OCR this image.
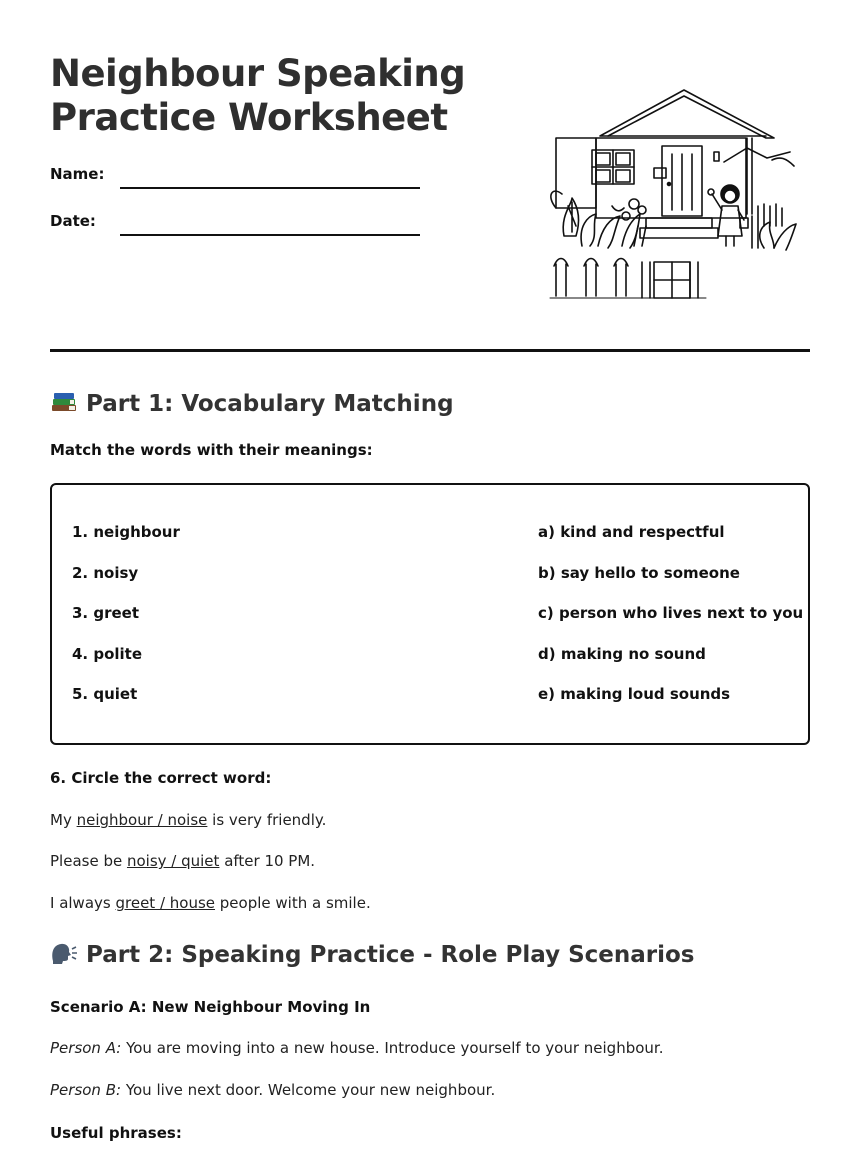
Neighbour Speaking
Practice Worksheet
Name:
Date:
Part 1: Vocabulary Matching
Match the words with their meanings:
1. neighbour
2. noisy
3. greet
4. polite
5. quiet
a) kind and respectful
b) say hello to someone
c) person who lives next to you
d) making no sound
e) making loud sounds
6. Circle the correct word:
My neighbour / noise is very friendly.
Please be noisy / quiet after 10 PM.
I always greet / house people with a smile.
Part 2: Speaking Practice - Role Play Scenarios
Scenario A: New Neighbour Moving In
Person A: You are moving into a new house. Introduce yourself to your neighbour.
Person B: You live next door. Welcome your new neighbour.
Useful phrases:
